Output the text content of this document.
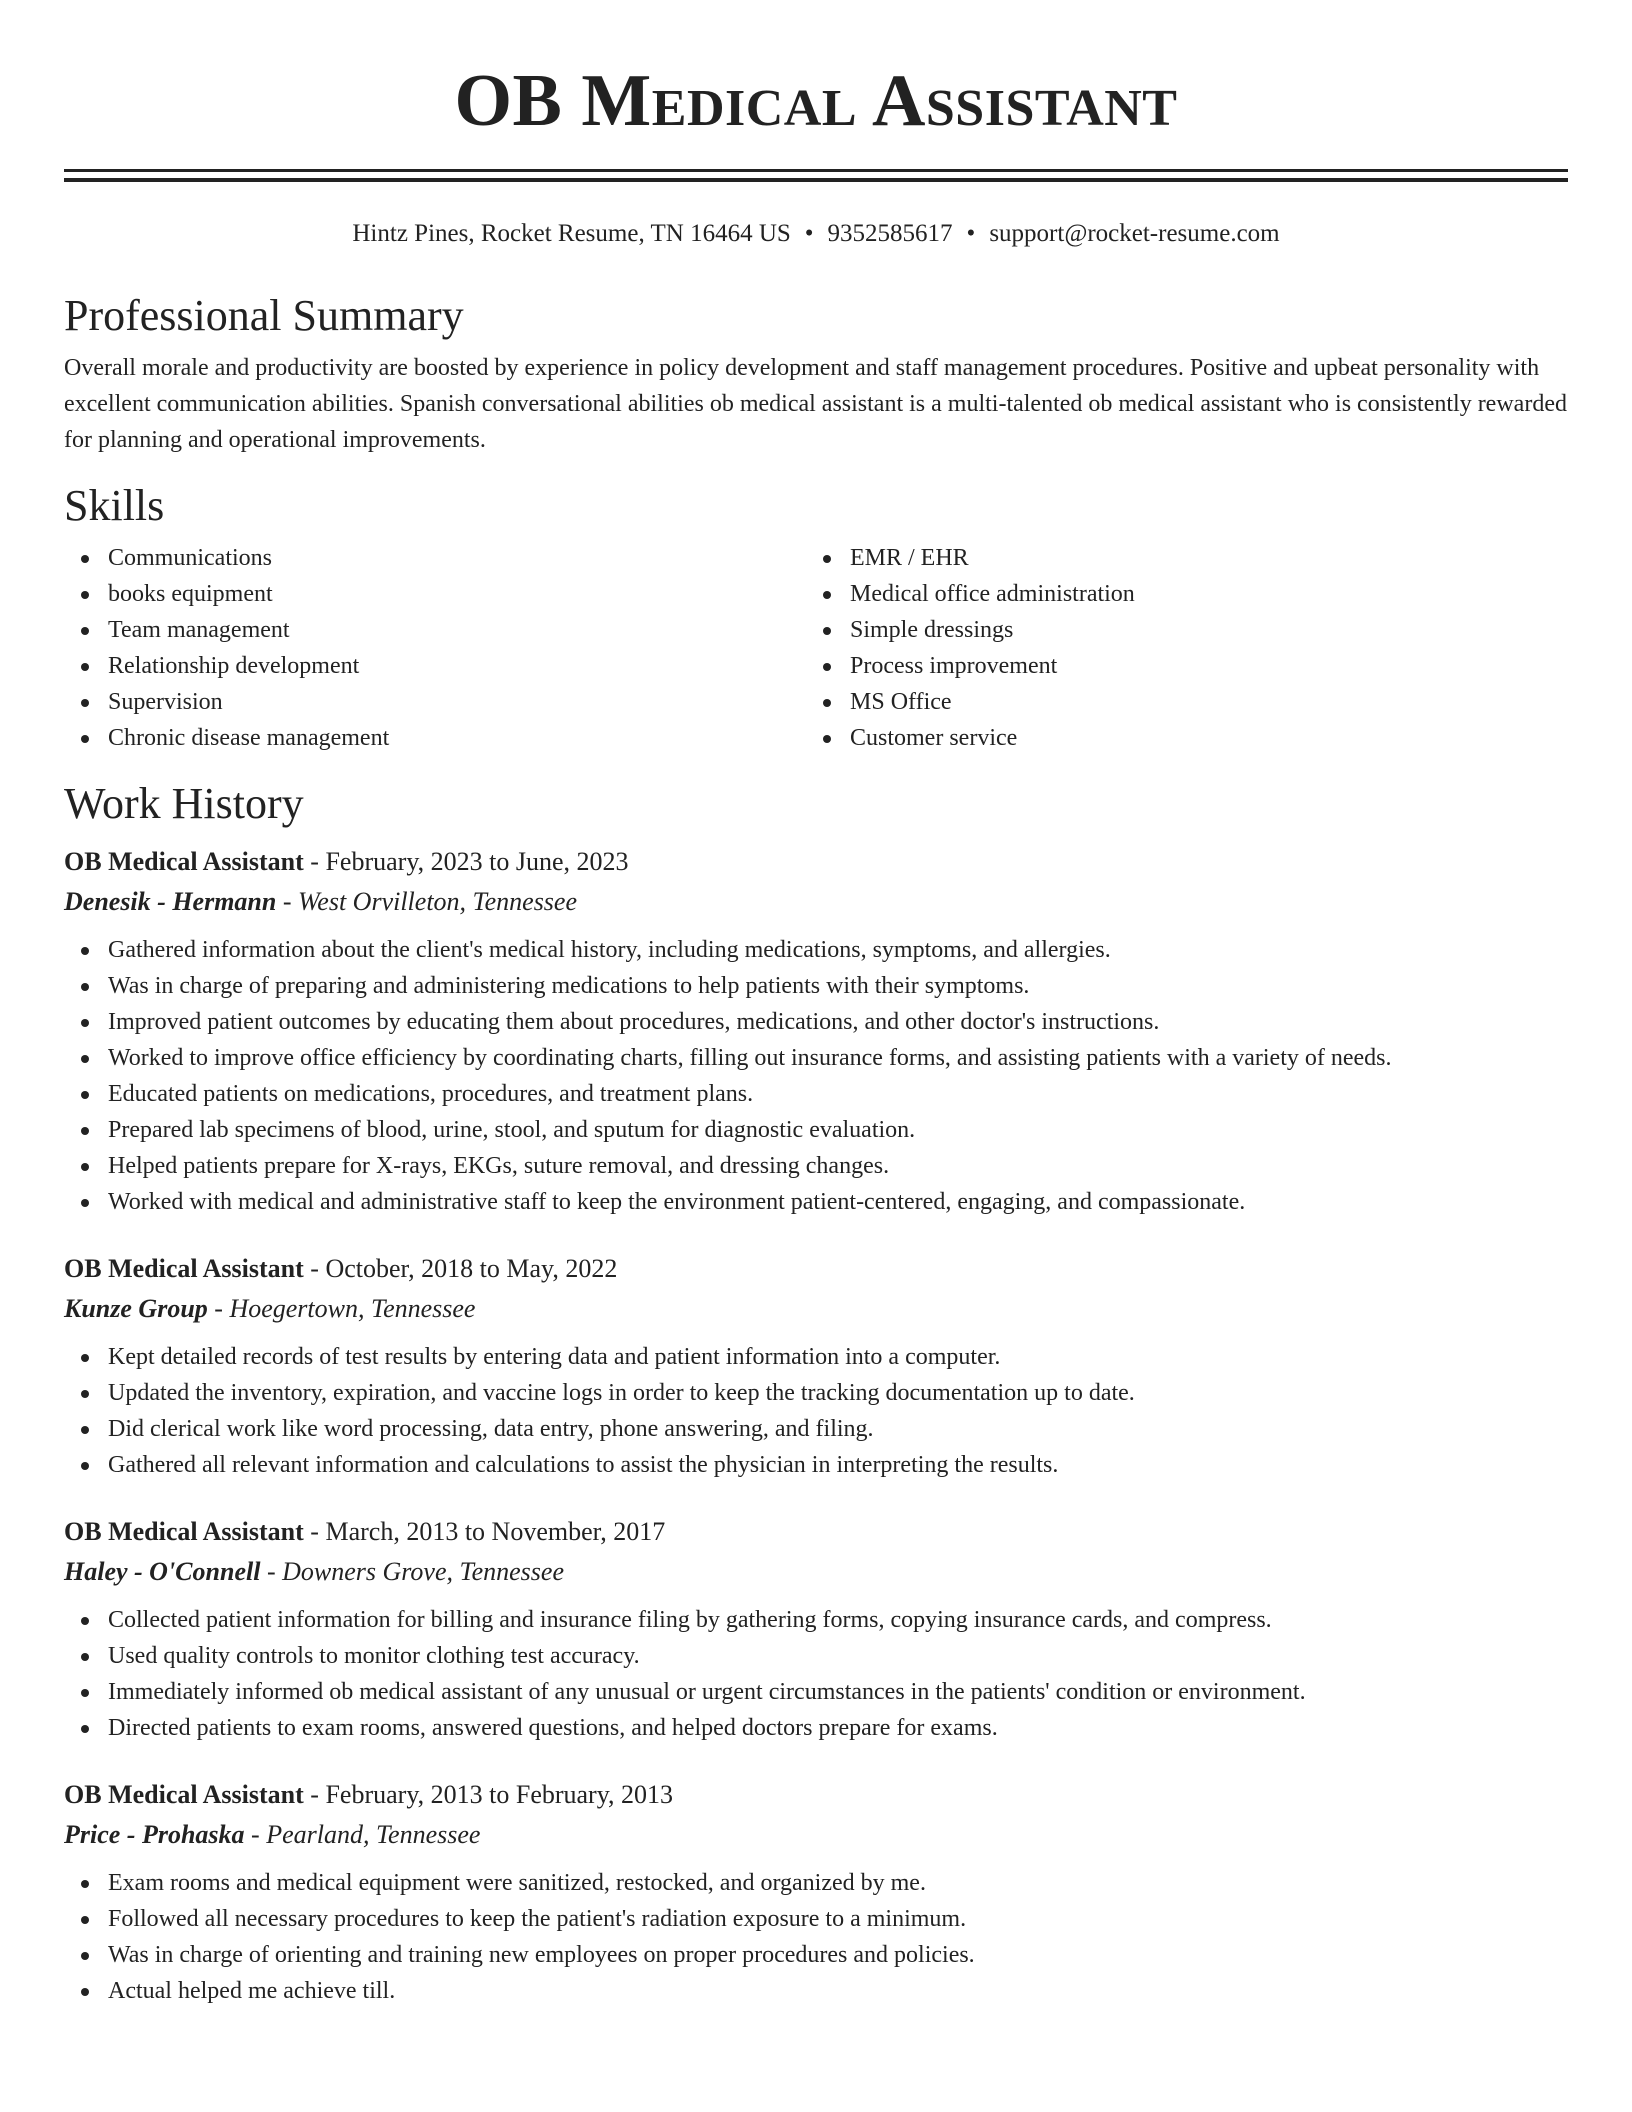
OB Medical Assistant
Hintz Pines, Rocket Resume, TN 16464 US • 9352585617 • support@rocket-resume.com
Professional Summary

Overall morale and productivity are boosted by experience in policy development and staff management procedures. Positive and upbeat personality with excellent communication abilities. Spanish conversational abilities ob medical assistant is a multi-talented ob medical assistant who is consistently rewarded for planning and operational improvements.

Skills
Communications
books equipment
Team management
Relationship development
Supervision
Chronic disease management
EMR / EHR
Medical office administration
Simple dressings
Process improvement
MS Office
Customer service
Work History
OB Medical Assistant - February, 2023 to June, 2023
Denesik - Hermann - West Orvilleton, Tennessee
Gathered information about the client's medical history, including medications, symptoms, and allergies.
Was in charge of preparing and administering medications to help patients with their symptoms.
Improved patient outcomes by educating them about procedures, medications, and other doctor's instructions.
Worked to improve office efficiency by coordinating charts, filling out insurance forms, and assisting patients with a variety of needs.
Educated patients on medications, procedures, and treatment plans.
Prepared lab specimens of blood, urine, stool, and sputum for diagnostic evaluation.
Helped patients prepare for X-rays, EKGs, suture removal, and dressing changes.
Worked with medical and administrative staff to keep the environment patient-centered, engaging, and compassionate.
OB Medical Assistant - October, 2018 to May, 2022
Kunze Group - Hoegertown, Tennessee
Kept detailed records of test results by entering data and patient information into a computer.
Updated the inventory, expiration, and vaccine logs in order to keep the tracking documentation up to date.
Did clerical work like word processing, data entry, phone answering, and filing.
Gathered all relevant information and calculations to assist the physician in interpreting the results.
OB Medical Assistant - March, 2013 to November, 2017
Haley - O'Connell - Downers Grove, Tennessee
Collected patient information for billing and insurance filing by gathering forms, copying insurance cards, and compress.
Used quality controls to monitor clothing test accuracy.
Immediately informed ob medical assistant of any unusual or urgent circumstances in the patients' condition or environment.
Directed patients to exam rooms, answered questions, and helped doctors prepare for exams.
OB Medical Assistant - February, 2013 to February, 2013
Price - Prohaska - Pearland, Tennessee
Exam rooms and medical equipment were sanitized, restocked, and organized by me.
Followed all necessary procedures to keep the patient's radiation exposure to a minimum.
Was in charge of orienting and training new employees on proper procedures and policies.
Actual helped me achieve till.
